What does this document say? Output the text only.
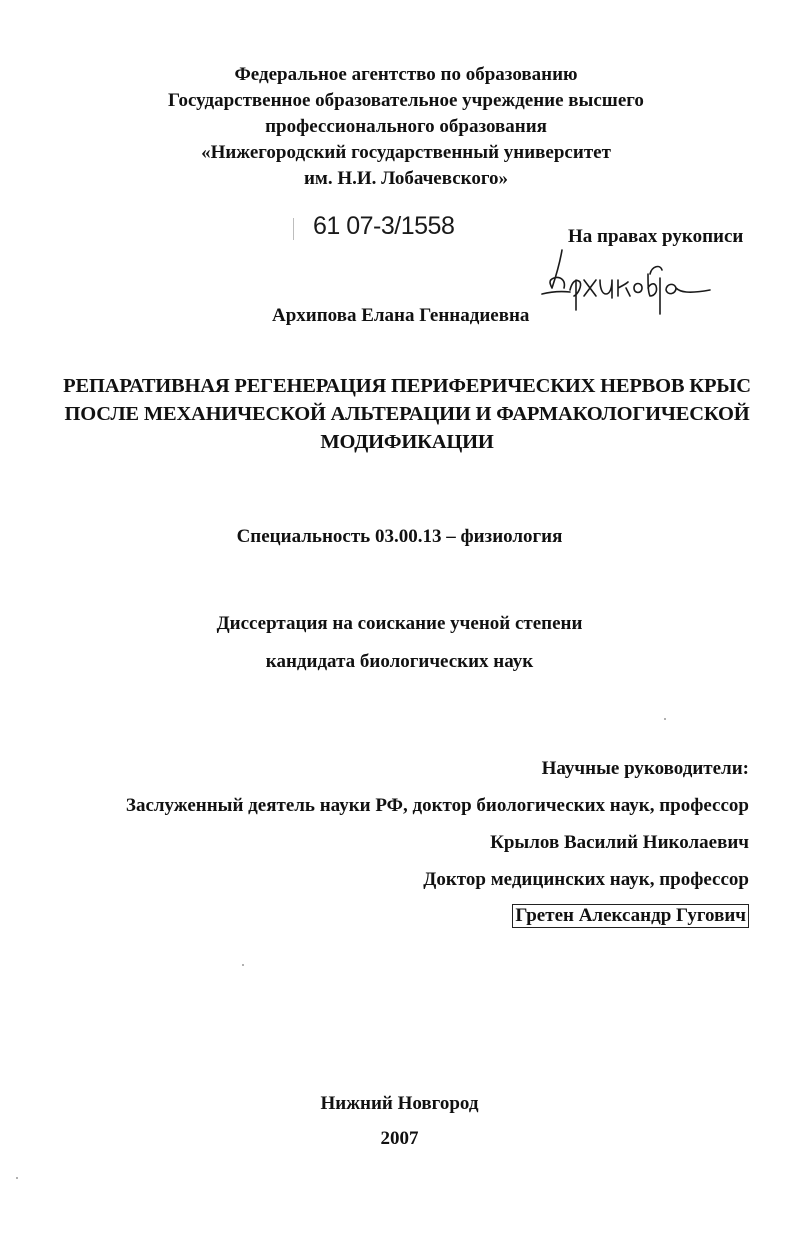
Федеральное агентство по образованию
Государственное образовательное учреждение высшего
профессионального образования
«Нижегородский государственный университет
им. Н.И. Лобачевского»
61 07-3/1558	На правах рукописи
Архипова Елана Геннадиевна
РЕПАРАТИВНАЯ РЕГЕНЕРАЦИЯ ПЕРИФЕРИЧЕСКИХ НЕРВОВ КРЫС
ПОСЛЕ МЕХАНИЧЕСКОЙ АЛЬТЕРАЦИИ И ФАРМАКОЛОГИЧЕСКОЙ
МОДИФИКАЦИИ
Специальность 03.00.13 – физиология
Диссертация на соискание ученой степени
кандидата биологических наук
Научные руководители:
Заслуженный деятель науки РФ, доктор биологических наук, профессор
Крылов Василий Николаевич
Доктор медицинских наук, профессор
Гретен Александр Гугович
Нижний Новгород
2007
